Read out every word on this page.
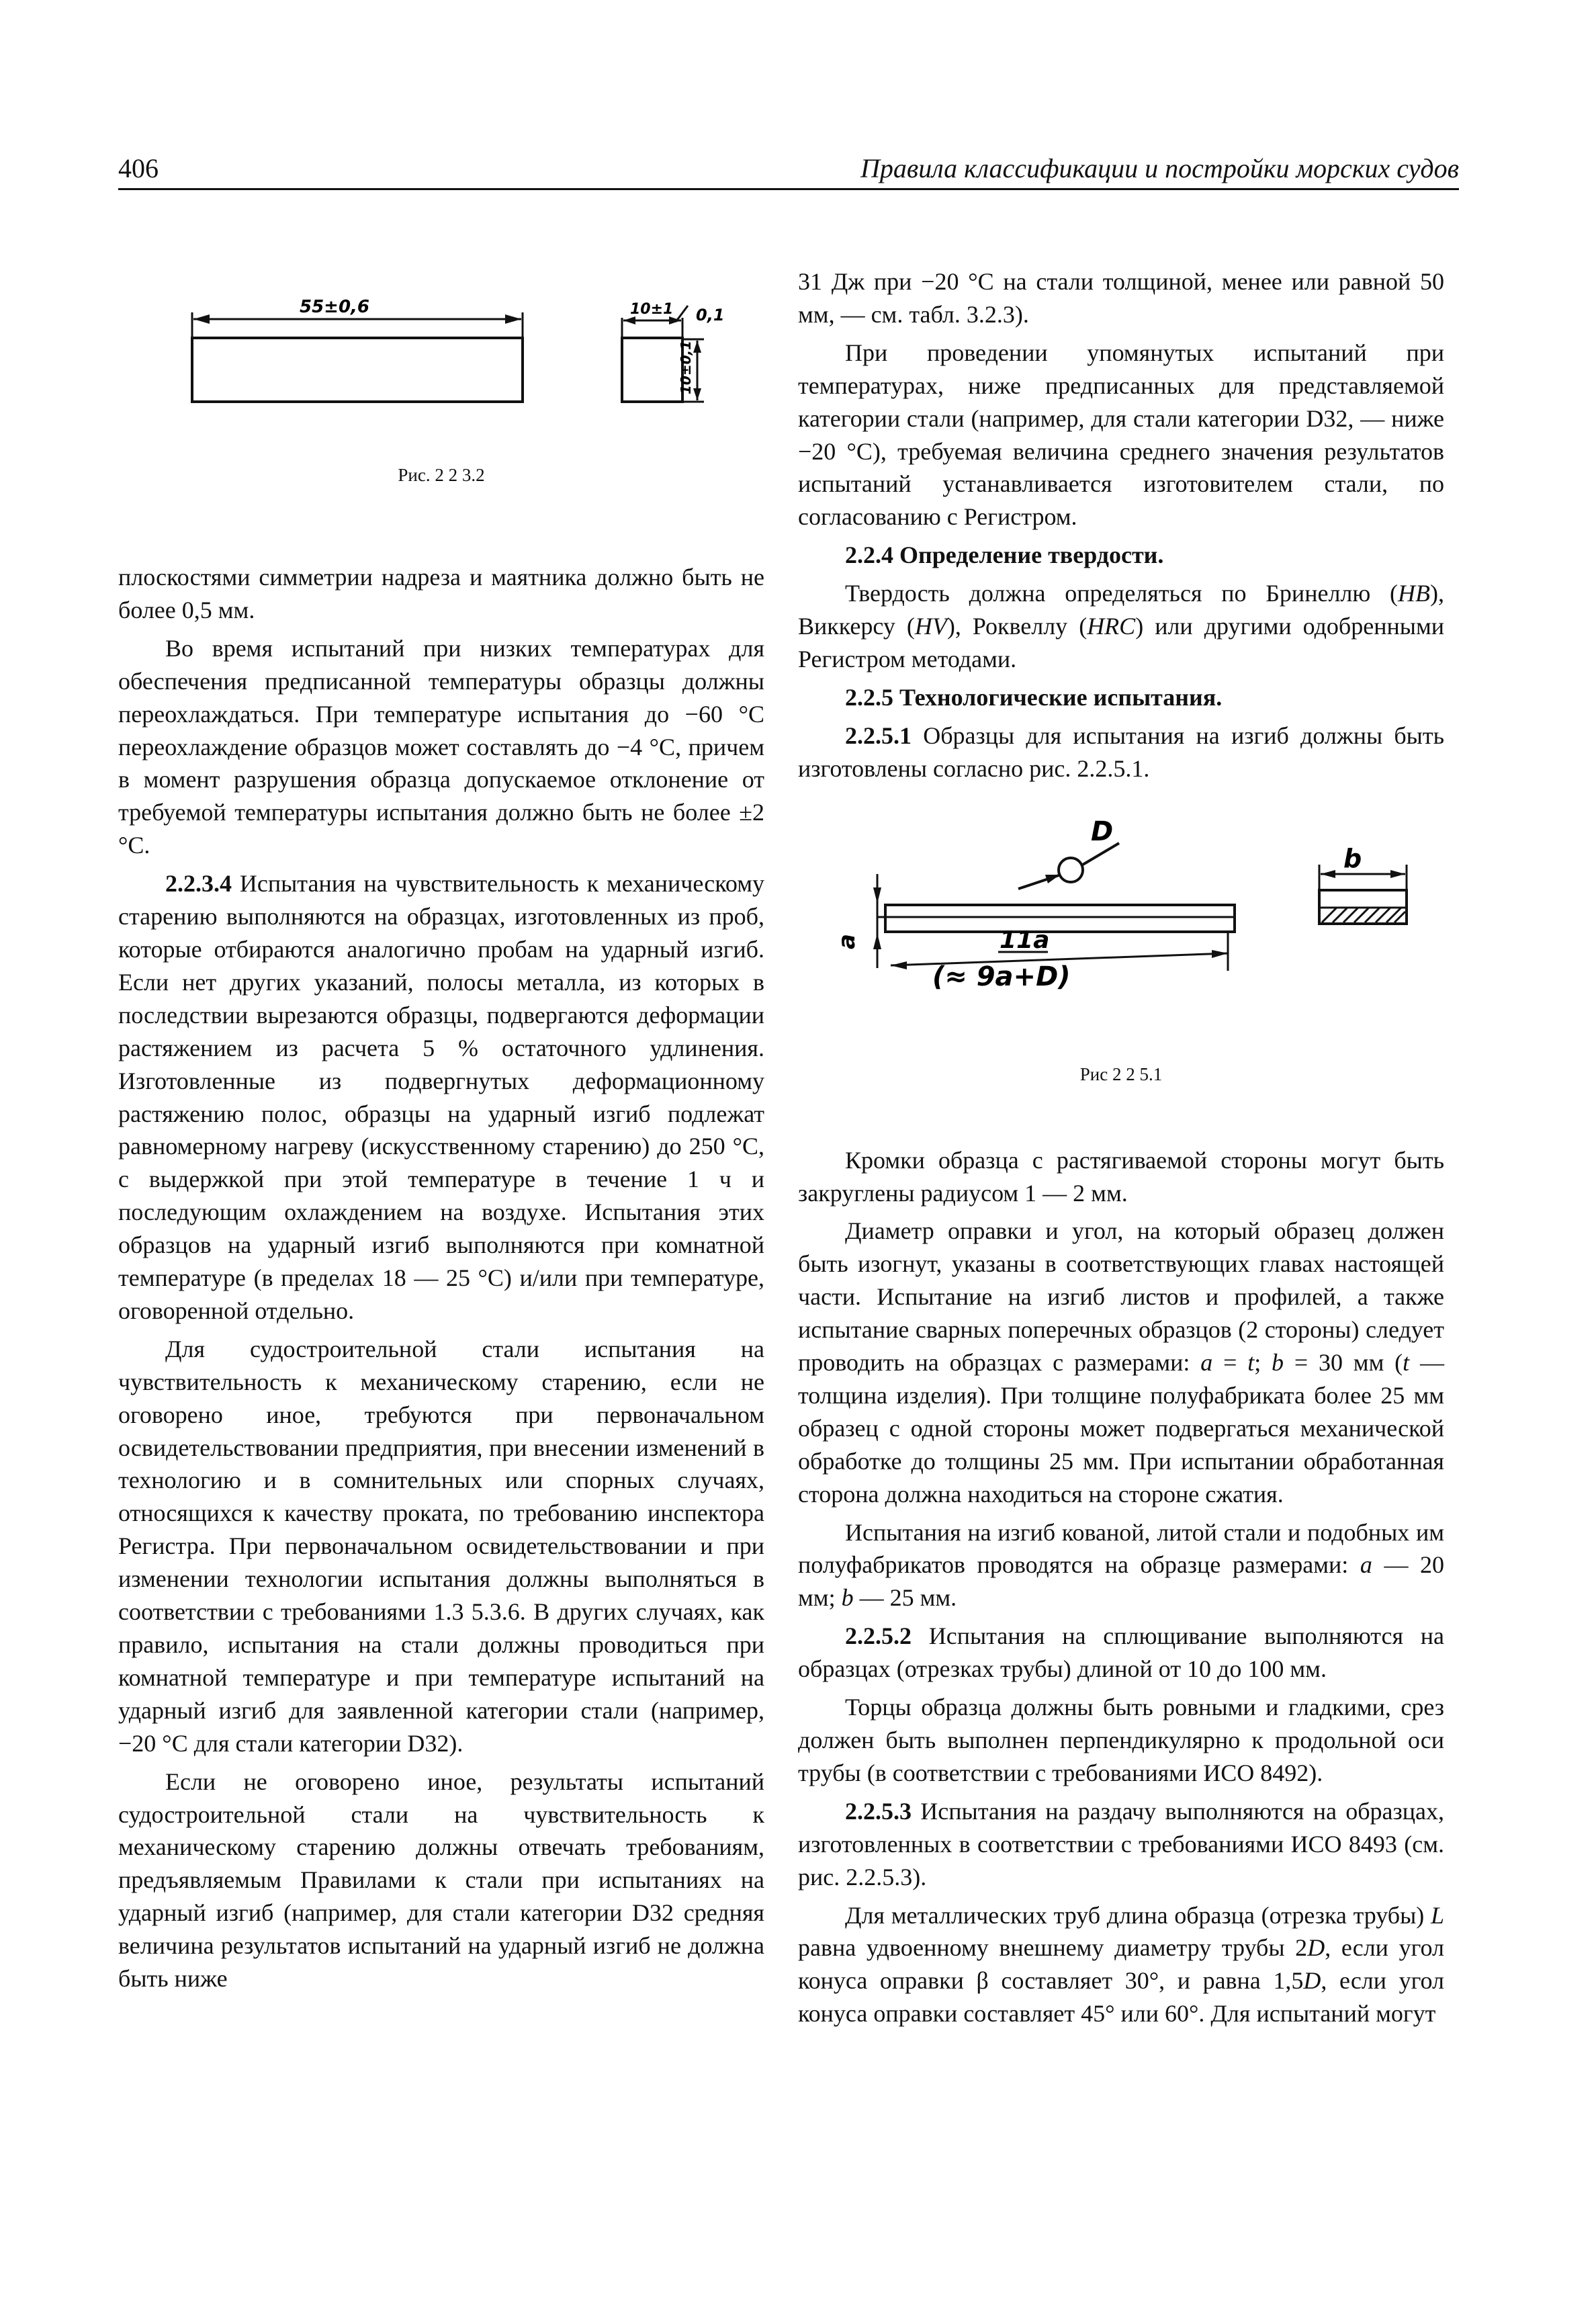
406	Правила классификации и постройки морских судов
55±0,6	10±1 0,1
10±0,1
Рис. 2 2 3.2

плоскостями симметрии надреза и маятника должно быть не более 0,5 мм.

Во время испытаний при низких температурах для обеспечения предписанной температуры образцы должны переохлаждаться. При температуре испытания до −60 °С переохлаждение образцов может составлять до −4 °С, причем в момент разрушения образца допускаемое отклонение от требуемой температуры испытания должно быть не более ±2 °С.

2.2.3.4 Испытания на чувствительность к механическому старению выполняются на образцах, изготовленных из проб, которые отбираются аналогично пробам на ударный изгиб. Если нет других указаний, полосы металла, из которых в последствии вырезаются образцы, подвергаются деформации растяжением из расчета 5 % остаточного удлинения. Изготовленные из подвергнутых деформационному растяжению полос, образцы на ударный изгиб подлежат равномерному нагреву (искусственному старению) до 250 °С, с выдержкой при этой температуре в течение 1 ч и последующим охлаждением на воздухе. Испытания этих образцов на ударный изгиб выполняются при комнатной температуре (в пределах 18 — 25 °С) и/или при температуре, оговоренной отдельно.

Для судостроительной стали испытания на чувствительность к механическому старению, если не оговорено иное, требуются при первоначальном освидетельствовании предприятия, при внесении изменений в технологию и в сомнительных или спорных случаях, относящихся к качеству проката, по требованию инспектора Регистра. При первоначальном освидетельствовании и при изменении технологии испытания должны выполняться в соответствии с требованиями 1.3 5.3.6. В других случаях, как правило, испытания на стали должны проводиться при комнатной температуре и при температуре испытаний на ударный изгиб для заявленной категории стали (например, −20 °С для стали категории D32).

Если не оговорено иное, результаты испытаний судостроительной стали на чувствительность к механическому старению должны отвечать требованиям, предъявляемым Правилами к стали при испытаниях на ударный изгиб (например, для стали категории D32 средняя величина результатов испытаний на ударный изгиб не должна быть ниже

31 Дж при −20 °С на стали толщиной, менее или равной 50 мм, — см. табл. 3.2.3).

При проведении упомянутых испытаний при температурах, ниже предписанных для представляемой категории стали (например, для стали категории D32, — ниже −20 °С), требуемая величина среднего значения результатов испытаний устанавливается изготовителем стали, по согласованию с Регистром.

2.2.4 Определение твердости.

Твердость должна определяться по Бринеллю (HB), Виккерсу (HV), Роквеллу (HRC) или другими одобренными Регистром методами.

2.2.5 Технологические испытания.

2.2.5.1 Образцы для испытания на изгиб должны быть изготовлены согласно рис. 2.2.5.1.

D
a	11a
(≈ 9a+D)
b
Рис 2 2 5.1

Кромки образца с растягиваемой стороны могут быть закруглены радиусом 1 — 2 мм.

Диаметр оправки и угол, на который образец должен быть изогнут, указаны в соответствующих главах настоящей части. Испытание на изгиб листов и профилей, а также испытание сварных поперечных образцов (2 стороны) следует проводить на образцах с размерами: a = t; b = 30 мм (t — толщина изделия). При толщине полуфабриката более 25 мм образец с одной стороны может подвергаться механической обработке до толщины 25 мм. При испытании обработанная сторона должна находиться на стороне сжатия.

Испытания на изгиб кованой, литой стали и подобных им полуфабрикатов проводятся на образце размерами: a — 20 мм; b — 25 мм.

2.2.5.2 Испытания на сплющивание выполняются на образцах (отрезках трубы) длиной от 10 до 100 мм.

Торцы образца должны быть ровными и гладкими, срез должен быть выполнен перпендикулярно к продольной оси трубы (в соответствии с требованиями ИСО 8492).

2.2.5.3 Испытания на раздачу выполняются на образцах, изготовленных в соответствии с требованиями ИСО 8493 (см. рис. 2.2.5.3).

Для металлических труб длина образца (отрезка трубы) L равна удвоенному внешнему диаметру трубы 2D, если угол конуса оправки β составляет 30°, и равна 1,5D, если угол конуса оправки составляет 45° или 60°. Для испытаний могут
